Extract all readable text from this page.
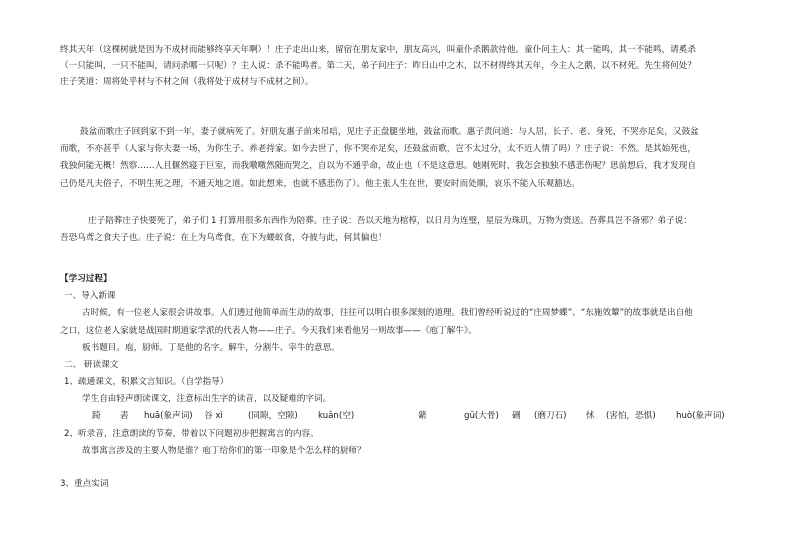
终其天年（这棵树就是因为不成材而能够终享天年啊）！庄子走出山来，留宿在朋友家中，朋友高兴，叫童仆杀鹅款待他。童仆问主人：其一能鸣，其一不能鸣，请奚杀

（一只能叫，一只不能叫，请问杀哪一只呢）？主人说：杀不能鸣者。第二天，弟子问庄子：昨日山中之木，以不材得终其天年，今主人之鹅，以不材死。先生将何处？

庄子笑道：周将处乎材与不材之间（我将处于成材与不成材之间）。

鼓盆而歌庄子回到家不到一年，妻子就病死了。好朋友惠子前来吊唁，见庄子正盘腿坐地，鼓盆而歌。惠子责问道：与人居，长子、老、身死，不哭亦足矣，又鼓盆

而歌，不亦甚乎（人家与你夫妻一场，为你生子、养老持家。如今去世了，你不哭亦足矣，还鼓盆而歌，岂不太过分，太不近人情了吗）？庄子说：不然。是其始死也，

我独何能无概！然察……人且偃然寝于巨室，而我噭噭然随而哭之，自以为不通乎命，故止也（不是这意思。她刚死时，我怎会独独不感悲伤呢？思前想后，我才发现自

己仍是凡夫俗子，不明生死之理，不通天地之道。如此想来，也就不感悲伤了）。他主张人生在世，要安时而处顺，哀乐不能入乐观豁达。

庄子陪葬庄子快要死了，弟子们 1 打算用很多东西作为陪葬。庄子说：吾以天地为棺椁，以日月为连璧，星辰为珠玑，万物为赍送。吾葬具岂不备邪？弟子说：

吾恐乌鸢之食夫子也。庄子说：在上为乌鸢食，在下为蝼蚁食，夺彼与此，何其偏也！

【学习过程】

一、导入新课

古时候，有一位老人家很会讲故事。人们透过他简单而生动的故事，往往可以明白很多深刻的道理。我们曾经听说过的“庄周梦蝶”、“东施效颦”的故事就是出自他

之口，这位老人家就是战国时期道家学派的代表人物——庄子。今天我们来看他另一则故事——《庖丁解牛》。

板书题目。庖，厨师。丁是他的名字。解牛，分割牛、宰牛的意思。

二、 研读课文

1、疏通课文，积累文言知识。（自学指导）

学生自由轻声朗读课文，注意标出生字的读音，以及疑难的字词。

踦	砉	huā(象声词)	谷 xì	(同隙，空隙)	kuǎn(空)	綮	gū(大骨)	硎	(磨刀石)	怵	(害怕，恐惧)	huò(象声词)

2、听录音，注意朗读的节奏，带着以下问题初步把握寓言的内容。

故事寓言涉及的主要人物是谁？庖丁给你们的第一印象是个怎么样的厨师？

3、重点实词
